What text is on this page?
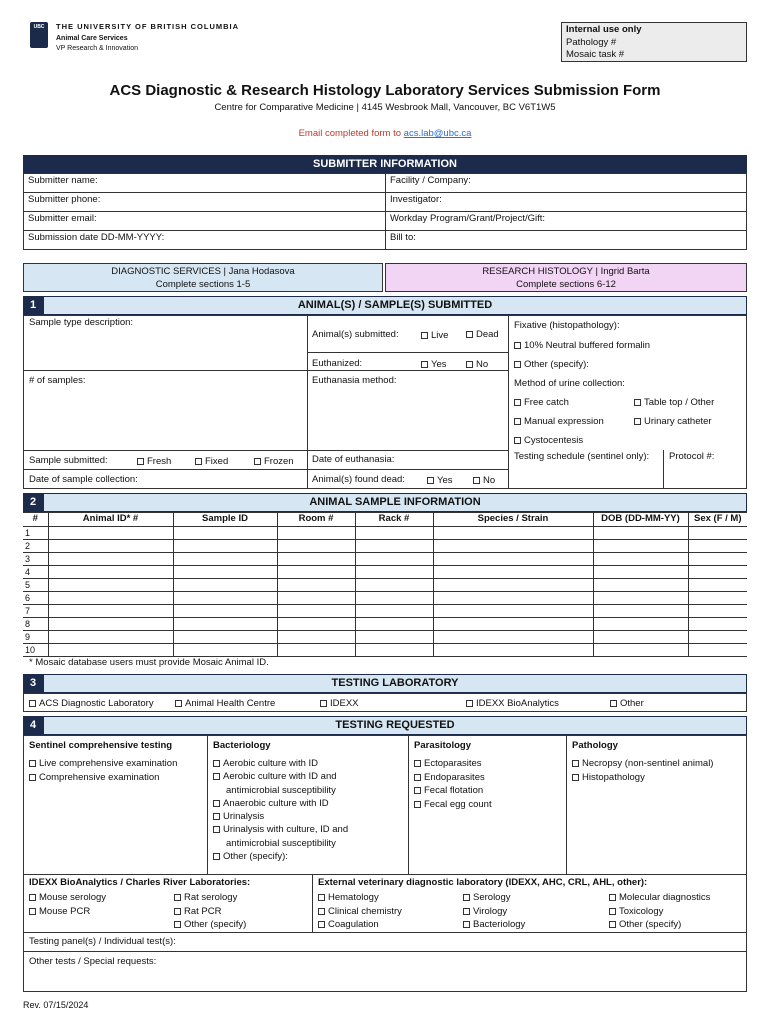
UBC	THE UNIVERSITY OF BRITISH COLUMBIA
Animal Care Services
VP Research & Innovation
Internal use only
Pathology #
Mosaic task #
ACS Diagnostic & Research Histology Laboratory Services Submission Form
Centre for Comparative Medicine | 4145 Wesbrook Mall, Vancouver, BC V6T1W5
Email completed form to acs.lab@ubc.ca
SUBMITTER INFORMATION
Submitter name:	Facility / Company:
Submitter phone:	Investigator:
Submitter email:	Workday Program/Grant/Project/Gift:
Submission date DD-MM-YYYY:	Bill to:
DIAGNOSTIC SERVICES | Jana Hodasova
Complete sections 1-5
RESEARCH HISTOLOGY | Ingrid Barta
Complete sections 6-12
1	ANIMAL(S) / SAMPLE(S) SUBMITTED
Sample type description:
# of samples:
Sample submitted:	Fresh	Fixed	Frozen
Date of sample collection:
Animal(s) submitted:	Live	Dead
Euthanized:	Yes	No
Euthanasia method:
Date of euthanasia:
Animal(s) found dead:	Yes	No
Fixative (histopathology):
10% Neutral buffered formalin
Other (specify):
Method of urine collection:
Free catch	Table top / Other
Manual expression	Urinary catheter
Cystocentesis
Testing schedule (sentinel only): Protocol #:
2	ANIMAL SAMPLE INFORMATION
#	Animal ID* #	Sample ID	Room #	Rack #	Species / Strain	DOB (DD-MM-YY)	Sex (F / M)
1							
2							
3							
4							
5							
6							
7							
8							
9							
10							
* Mosaic database users must provide Mosaic Animal ID.
3	TESTING LABORATORY
ACS Diagnostic Laboratory	Animal Health Centre	IDEXX	IDEXX BioAnalytics	Other
4	TESTING REQUESTED
Sentinel comprehensive testing
Live comprehensive examination
Comprehensive examination
Bacteriology
Aerobic culture with ID
Aerobic culture with ID and
antimicrobial susceptibility
Anaerobic culture with ID
Urinalysis
Urinalysis with culture, ID and
antimicrobial susceptibility
Other (specify):
Parasitology
Ectoparasites
Endoparasites
Fecal flotation
Fecal egg count
Pathology
Necropsy (non-sentinel animal)
Histopathology
IDEXX BioAnalytics / Charles River Laboratories:
Mouse serology
Mouse PCR
Rat serology
Rat PCR
Other (specify)
External veterinary diagnostic laboratory (IDEXX, AHC, CRL, AHL, other):
Hematology
Clinical chemistry
Coagulation
Serology
Virology
Bacteriology
Molecular diagnostics
Toxicology
Other (specify)
Testing panel(s) / Individual test(s):
Other tests / Special requests:
Rev. 07/15/2024
